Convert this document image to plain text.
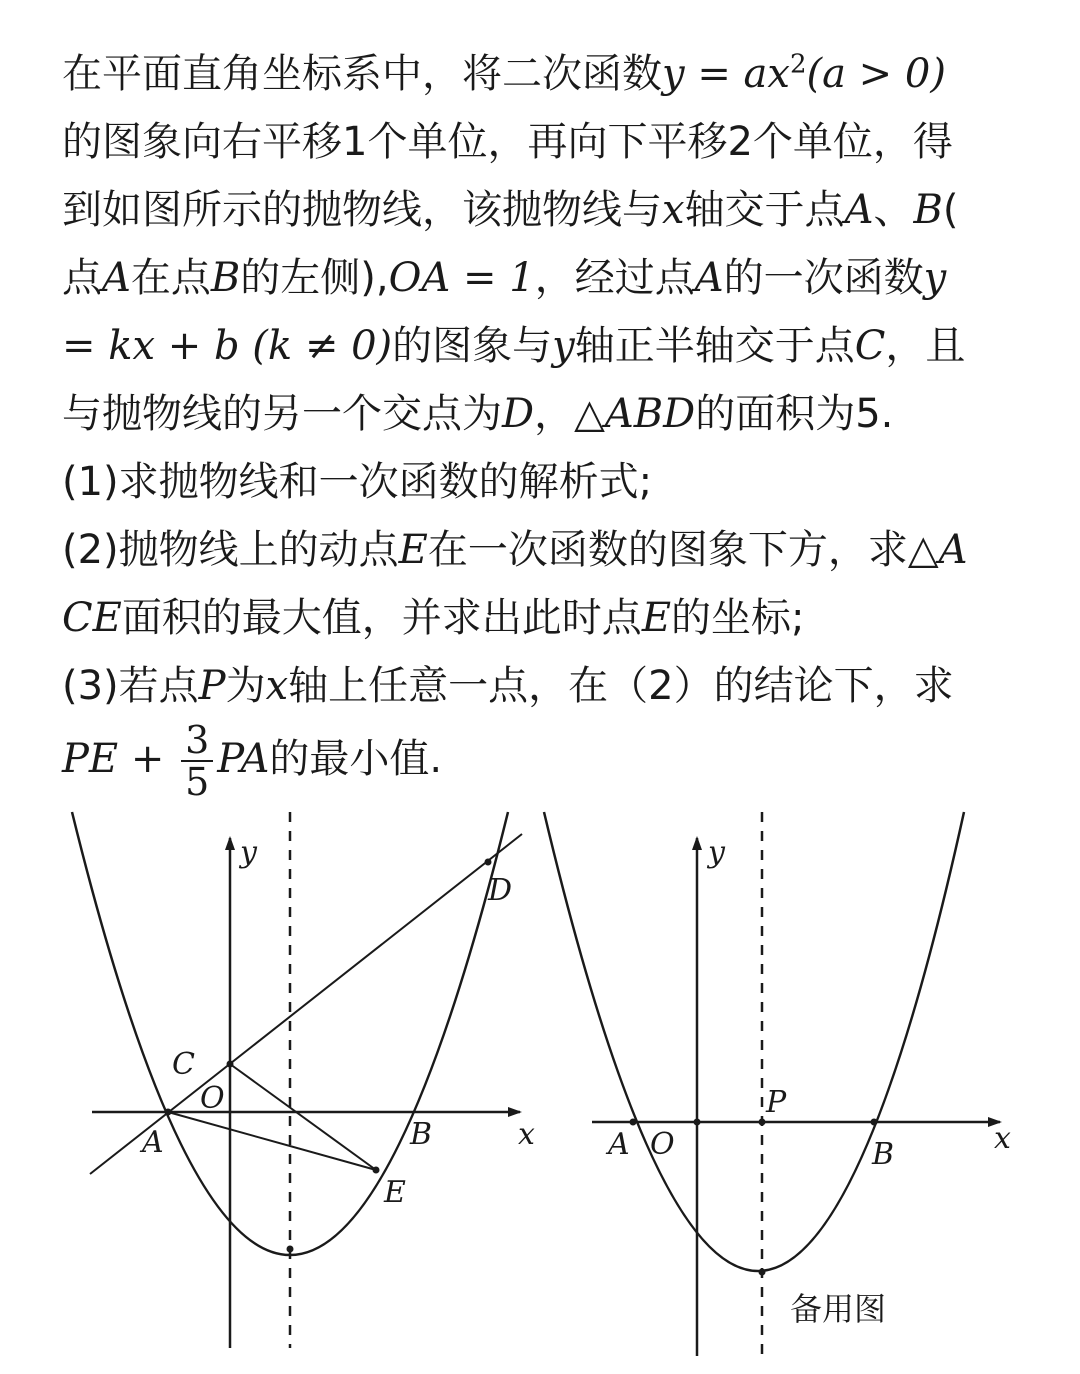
在平面直角坐标系中，将二次函数$y = ax^2(a > 0)$
的图象向右平移1个单位，再向下平移2个单位，得
到如图所示的抛物线，该抛物线与x轴交于点A、B(
点A在点B的左侧),OA = 1，经过点A的一次函数y
= kx + b (k ≠ 0)的图象与y轴正半轴交于点C，且
与抛物线的另一个交点为D，△ABD的面积为5.
(1)求抛物线和一次函数的解析式;
(2)抛物线上的动点E在一次函数的图象下方，求△A
CE面积的最大值，并求出此时点E的坐标;
(3)若点P为x轴上任意一点，在（2）的结论下，求
PE + $\frac{3}{5}$ PA的最小值.
y
x
O
A	B
C
D
E
y
x
O
A	B
P
备用图
